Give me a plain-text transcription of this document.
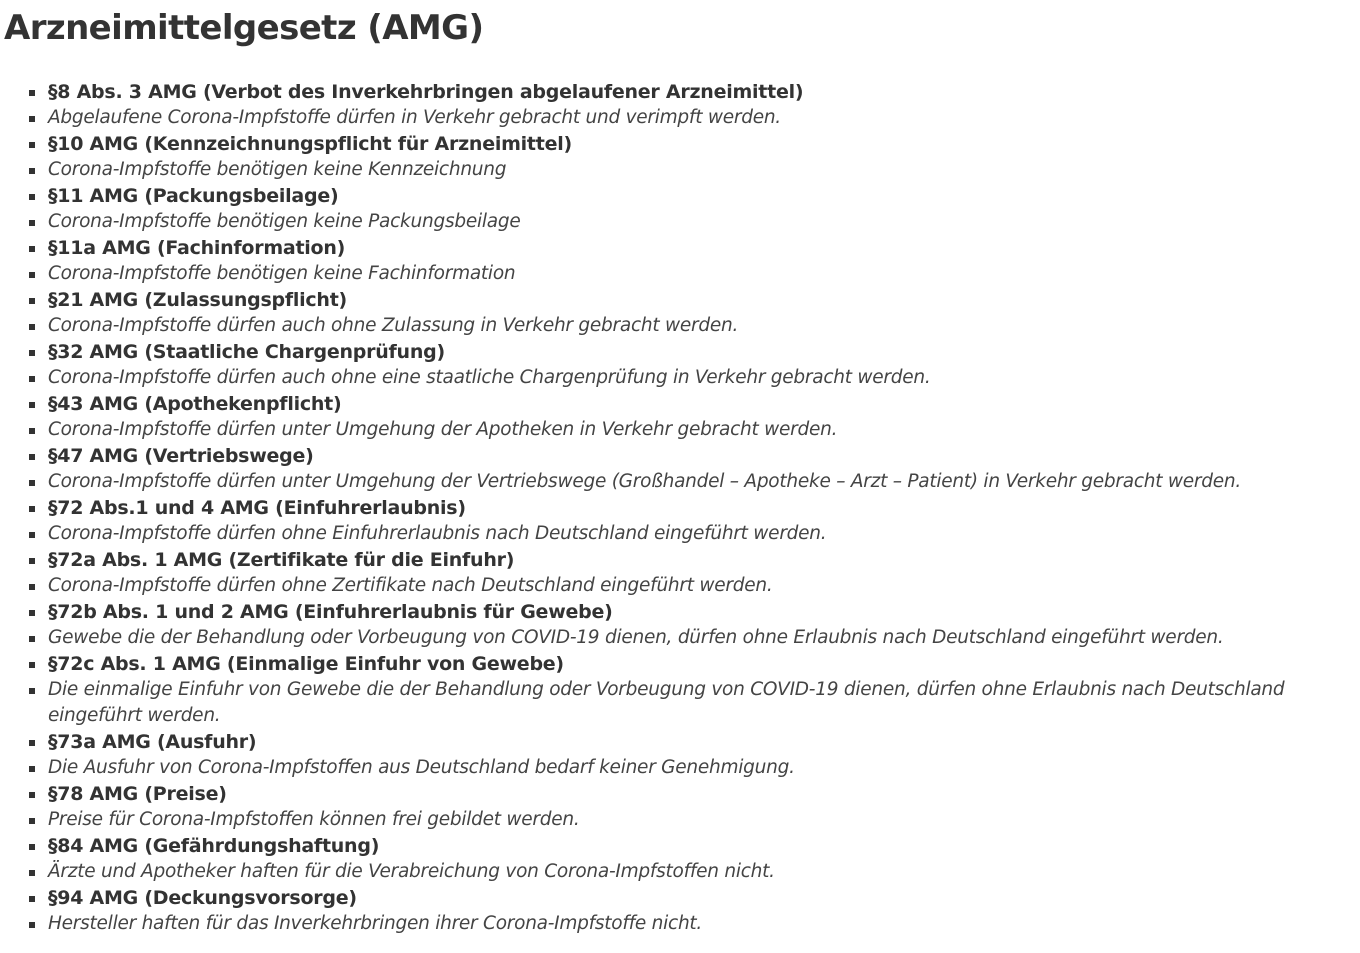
Arzneimittelgesetz (AMG)
§8 Abs. 3 AMG (Verbot des Inverkehrbringen abgelaufener Arzneimittel)
Abgelaufene Corona-Impfstoffe dürfen in Verkehr gebracht und verimpft werden.
§10 AMG (Kennzeichnungspflicht für Arzneimittel)
Corona-Impfstoffe benötigen keine Kennzeichnung
§11 AMG (Packungsbeilage)
Corona-Impfstoffe benötigen keine Packungsbeilage
§11a AMG (Fachinformation)
Corona-Impfstoffe benötigen keine Fachinformation
§21 AMG (Zulassungspflicht)
Corona-Impfstoffe dürfen auch ohne Zulassung in Verkehr gebracht werden.
§32 AMG (Staatliche Chargenprüfung)
Corona-Impfstoffe dürfen auch ohne eine staatliche Chargenprüfung in Verkehr gebracht werden.
§43 AMG (Apothekenpflicht)
Corona-Impfstoffe dürfen unter Umgehung der Apotheken in Verkehr gebracht werden.
§47 AMG (Vertriebswege)
Corona-Impfstoffe dürfen unter Umgehung der Vertriebswege (Großhandel – Apotheke – Arzt – Patient) in Verkehr gebracht werden.
§72 Abs.1 und 4 AMG (Einfuhrerlaubnis)
Corona-Impfstoffe dürfen ohne Einfuhrerlaubnis nach Deutschland eingeführt werden.
§72a Abs. 1 AMG (Zertifikate für die Einfuhr)
Corona-Impfstoffe dürfen ohne Zertifikate nach Deutschland eingeführt werden.
§72b Abs. 1 und 2 AMG (Einfuhrerlaubnis für Gewebe)
Gewebe die der Behandlung oder Vorbeugung von COVID-19 dienen, dürfen ohne Erlaubnis nach Deutschland eingeführt werden.
§72c Abs. 1 AMG (Einmalige Einfuhr von Gewebe)
Die einmalige Einfuhr von Gewebe die der Behandlung oder Vorbeugung von COVID-19 dienen, dürfen ohne Erlaubnis nach Deutschland eingeführt werden.
§73a AMG (Ausfuhr)
Die Ausfuhr von Corona-Impfstoffen aus Deutschland bedarf keiner Genehmigung.
§78 AMG (Preise)
Preise für Corona-Impfstoffen können frei gebildet werden.
§84 AMG (Gefährdungshaftung)
Ärzte und Apotheker haften für die Verabreichung von Corona-Impfstoffen nicht.
§94 AMG (Deckungsvorsorge)
Hersteller haften für das Inverkehrbringen ihrer Corona-Impfstoffe nicht.
